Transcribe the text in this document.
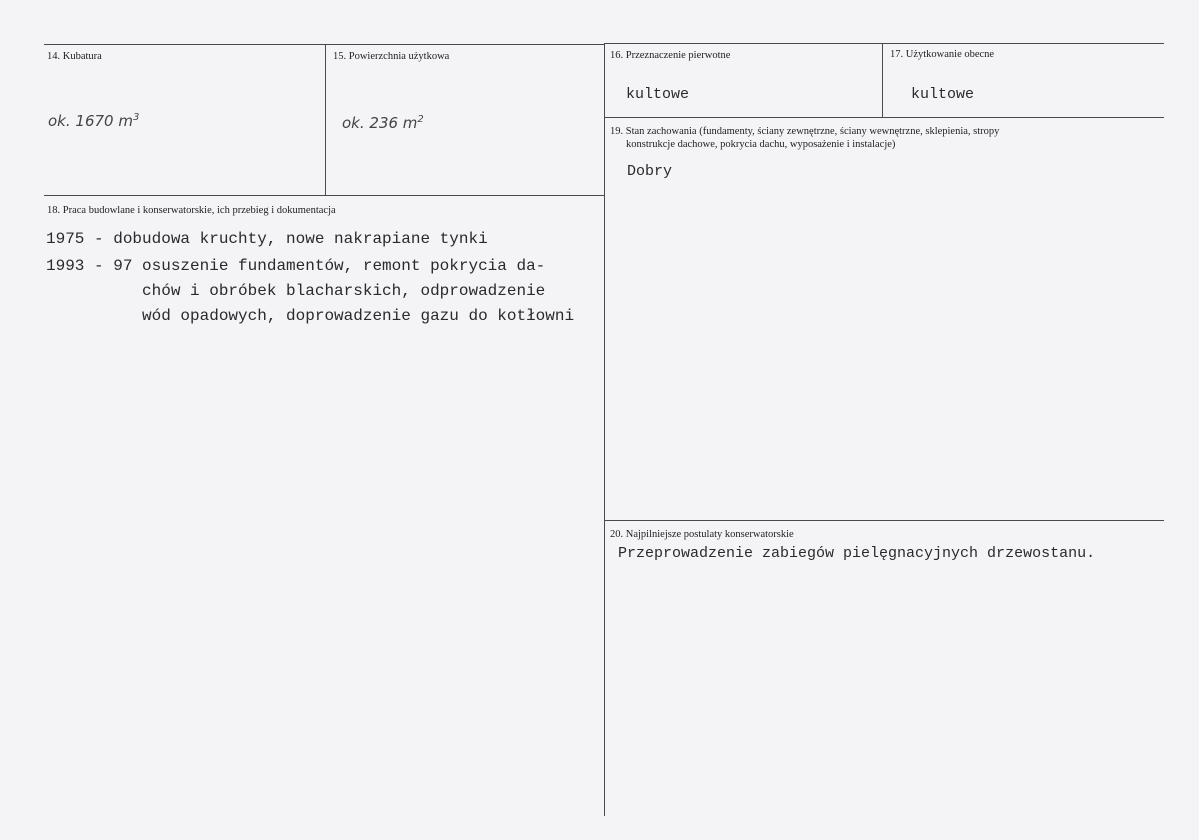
14. Kubatura
ok. 1670 $m^3$
15. Powierzchnia użytkowa
ok. 236 $m^2$
16. Przeznaczenie pierwotne
kultowe
17. Użytkowanie obecne
kultowe
19. Stan zachowania (fundamenty, ściany zewnętrzne, ściany wewnętrzne, sklepienia, stropy
konstrukcje dachowe, pokrycia dachu, wyposażenie i instalacje)
Dobry
18. Praca budowlane i konserwatorskie, ich przebieg i dokumentacja
1975 - dobudowa kruchty, nowe nakrapiane tynki
1993 - 97 osuszenie fundamentów, remont pokrycia da-
chów i obróbek blacharskich, odprowadzenie
wód opadowych, doprowadzenie gazu do kotłowni
20. Najpilniejsze postulaty konserwatorskie
Przeprowadzenie zabiegów pielęgnacyjnych drzewostanu.
